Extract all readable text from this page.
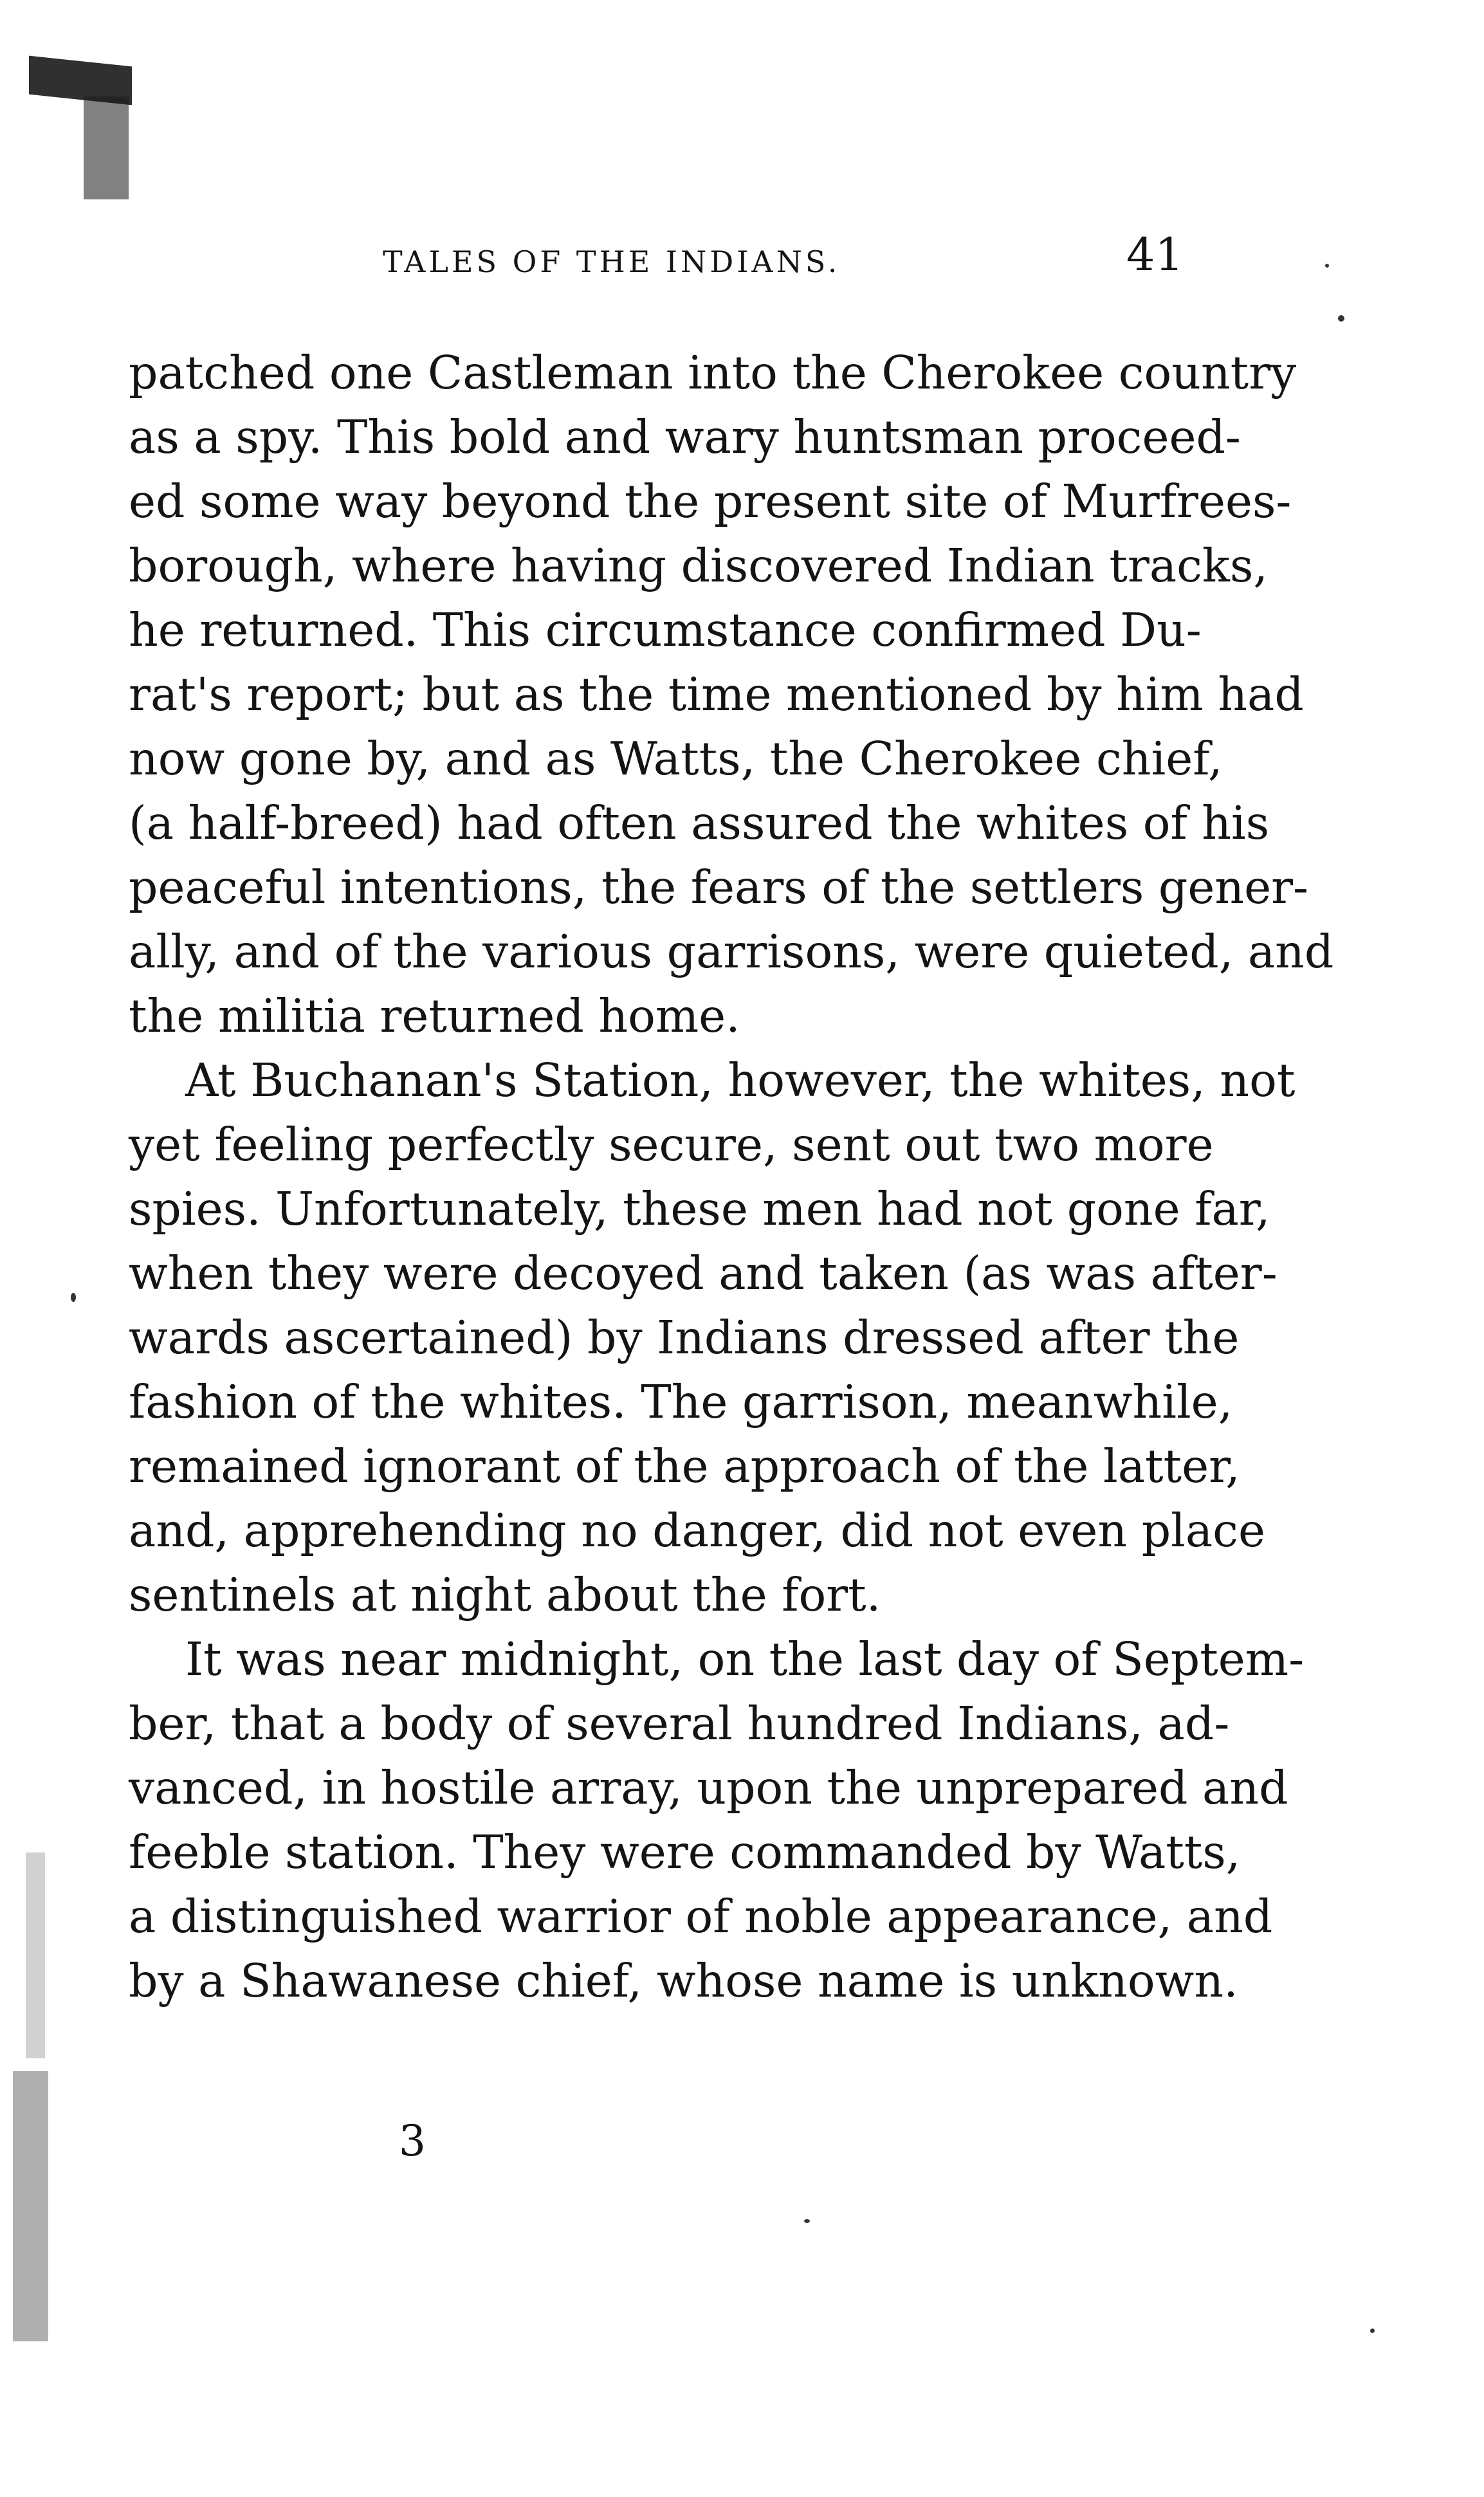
TALES OF THE INDIANS.	41
patched one Castleman into the Cherokee country
as a spy. This bold and wary huntsman proceed-
ed some way beyond the present site of Murfrees-
borough, where having discovered Indian tracks,
he returned. This circumstance confirmed Du-
rat's report; but as the time mentioned by him had
now gone by, and as Watts, the Cherokee chief,
(a half-breed) had often assured the whites of his
peaceful intentions, the fears of the settlers gener-
ally, and of the various garrisons, were quieted, and
the militia returned home.
At Buchanan's Station, however, the whites, not
yet feeling perfectly secure, sent out two more
spies. Unfortunately, these men had not gone far,
when they were decoyed and taken (as was after-
wards ascertained) by Indians dressed after the
fashion of the whites. The garrison, meanwhile,
remained ignorant of the approach of the latter,
and, apprehending no danger, did not even place
sentinels at night about the fort.
It was near midnight, on the last day of Septem-
ber, that a body of several hundred Indians, ad-
vanced, in hostile array, upon the unprepared and
feeble station. They were commanded by Watts,
a distinguished warrior of noble appearance, and
by a Shawanese chief, whose name is unknown.
3
